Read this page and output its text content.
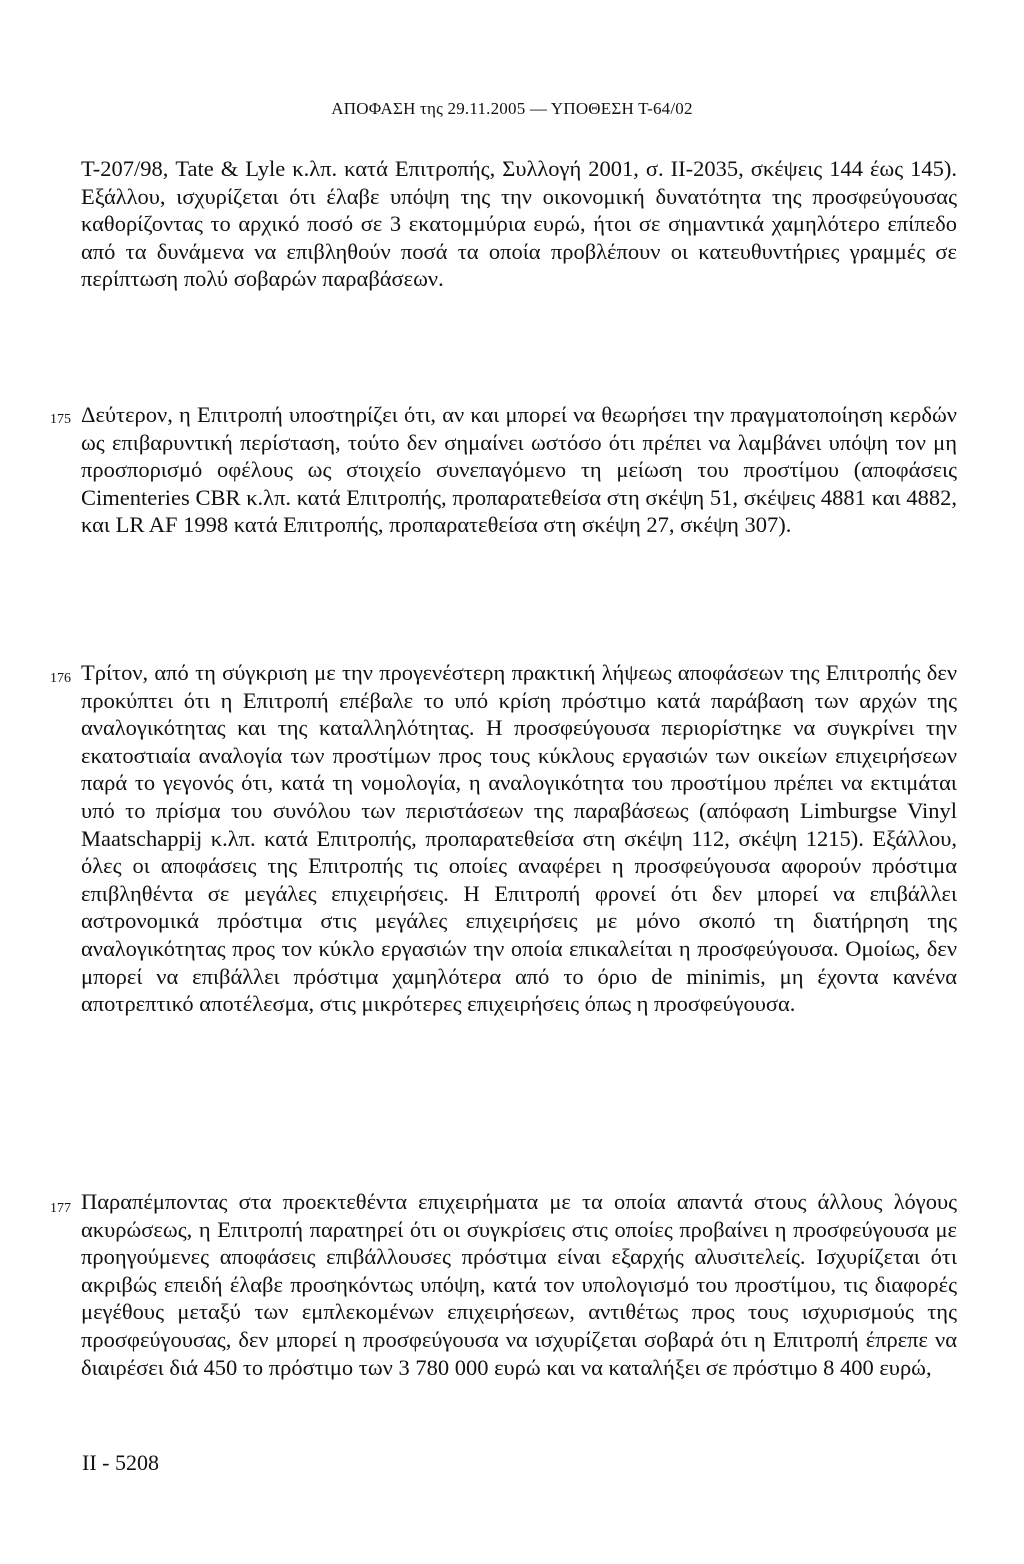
ΑΠΟΦΑΣΗ της 29.11.2005 — ΥΠΟΘΕΣΗ Τ-64/02
Τ-207/98, Tate & Lyle κ.λπ. κατά Επιτροπής, Συλλογή 2001, σ. ΙΙ-2035, σκέψεις 144 έως 145). Εξάλλου, ισχυρίζεται ότι έλαβε υπόψη της την οικονομική δυνατότητα της προσφεύγουσας καθορίζοντας το αρχικό ποσό σε 3 εκατομμύρια ευρώ, ήτοι σε σημαντικά χαμηλότερο επίπεδο από τα δυνάμενα να επιβληθούν ποσά τα οποία προβλέπουν οι κατευθυντήριες γραμμές σε περίπτωση πολύ σοβαρών παραβάσεων.
175 Δεύτερον, η Επιτροπή υποστηρίζει ότι, αν και μπορεί να θεωρήσει την πραγματοποίηση κερδών ως επιβαρυντική περίσταση, τούτο δεν σημαίνει ωστόσο ότι πρέπει να λαμβάνει υπόψη τον μη προσπορισμό οφέλους ως στοιχείο συνεπαγόμενο τη μείωση του προστίμου (αποφάσεις Cimenteries CBR κ.λπ. κατά Επιτροπής, προπαρατεθείσα στη σκέψη 51, σκέψεις 4881 και 4882, και LR AF 1998 κατά Επιτροπής, προπαρατεθείσα στη σκέψη 27, σκέψη 307).
176 Τρίτον, από τη σύγκριση με την προγενέστερη πρακτική λήψεως αποφάσεων της Επιτροπής δεν προκύπτει ότι η Επιτροπή επέβαλε το υπό κρίση πρόστιμο κατά παράβαση των αρχών της αναλογικότητας και της καταλληλότητας. Η προσφεύγουσα περιορίστηκε να συγκρίνει την εκατοστιαία αναλογία των προστίμων προς τους κύκλους εργασιών των οικείων επιχειρήσεων παρά το γεγονός ότι, κατά τη νομολογία, η αναλογικότητα του προστίμου πρέπει να εκτιμάται υπό το πρίσμα του συνόλου των περιστάσεων της παραβάσεως (απόφαση Limburgse Vinyl Maatschappij κ.λπ. κατά Επιτροπής, προπαρατεθείσα στη σκέψη 112, σκέψη 1215). Εξάλλου, όλες οι αποφάσεις της Επιτροπής τις οποίες αναφέρει η προσφεύγουσα αφορούν πρόστιμα επιβληθέντα σε μεγάλες επιχειρήσεις. Η Επιτροπή φρονεί ότι δεν μπορεί να επιβάλλει αστρονομικά πρόστιμα στις μεγάλες επιχειρήσεις με μόνο σκοπό τη διατήρηση της αναλογικότητας προς τον κύκλο εργασιών την οποία επικαλείται η προσφεύγουσα. Ομοίως, δεν μπορεί να επιβάλλει πρόστιμα χαμηλότερα από το όριο de minimis, μη έχοντα κανένα αποτρεπτικό αποτέλεσμα, στις μικρότερες επιχειρήσεις όπως η προσφεύγουσα.
177 Παραπέμποντας στα προεκτεθέντα επιχειρήματα με τα οποία απαντά στους άλλους λόγους ακυρώσεως, η Επιτροπή παρατηρεί ότι οι συγκρίσεις στις οποίες προβαίνει η προσφεύγουσα με προηγούμενες αποφάσεις επιβάλλουσες πρόστιμα είναι εξαρχής αλυσιτελείς. Ισχυρίζεται ότι ακριβώς επειδή έλαβε προσηκόντως υπόψη, κατά τον υπολογισμό του προστίμου, τις διαφορές μεγέθους μεταξύ των εμπλεκομένων επιχειρήσεων, αντιθέτως προς τους ισχυρισμούς της προσφεύγουσας, δεν μπορεί η προσφεύγουσα να ισχυρίζεται σοβαρά ότι η Επιτροπή έπρεπε να διαιρέσει διά 450 το πρόστιμο των 3 780 000 ευρώ και να καταλήξει σε πρόστιμο 8 400 ευρώ,
II - 5208
